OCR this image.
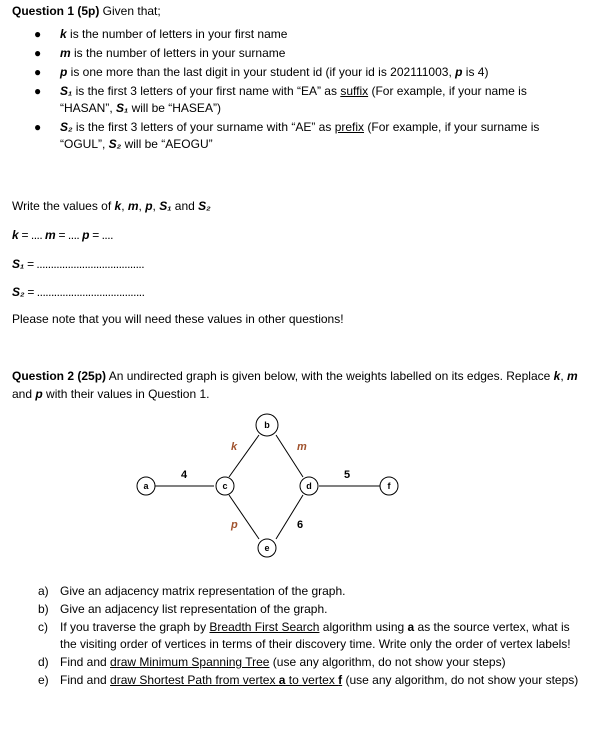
Question 1 (5p) Given that;
● k is the number of letters in your first name
● m is the number of letters in your surname
● p is one more than the last digit in your student id (if your id is 202111003, p is 4)
● S₁ is the first 3 letters of your first name with “EA” as suffix (For example, if your name is “HASAN”, S₁ will be “HASEA”)
● S₂ is the first 3 letters of your surname with “AE” as prefix (For example, if your surname is “OGUL”, S₂ will be “AEOGU”
Write the values of k, m, p, S₁ and S₂
k = .... m = .... p = ....
S₁ = ......................................
S₂ = ......................................
Please note that you will need these values in other questions!
Question 2 (25p) An undirected graph is given below, with the weights labelled on its edges. Replace k, m and p with their values in Question 1.
4
k	m
5
p	6
a
b
c	d
e
f
a) Give an adjacency matrix representation of the graph.
b) Give an adjacency list representation of the graph.
c) If you traverse the graph by Breadth First Search algorithm using a as the source vertex, what is the visiting order of vertices in terms of their discovery time. Write only the order of vertex labels!
d) Find and draw Minimum Spanning Tree (use any algorithm, do not show your steps)
e) Find and draw Shortest Path from vertex a to vertex f (use any algorithm, do not show your steps)
